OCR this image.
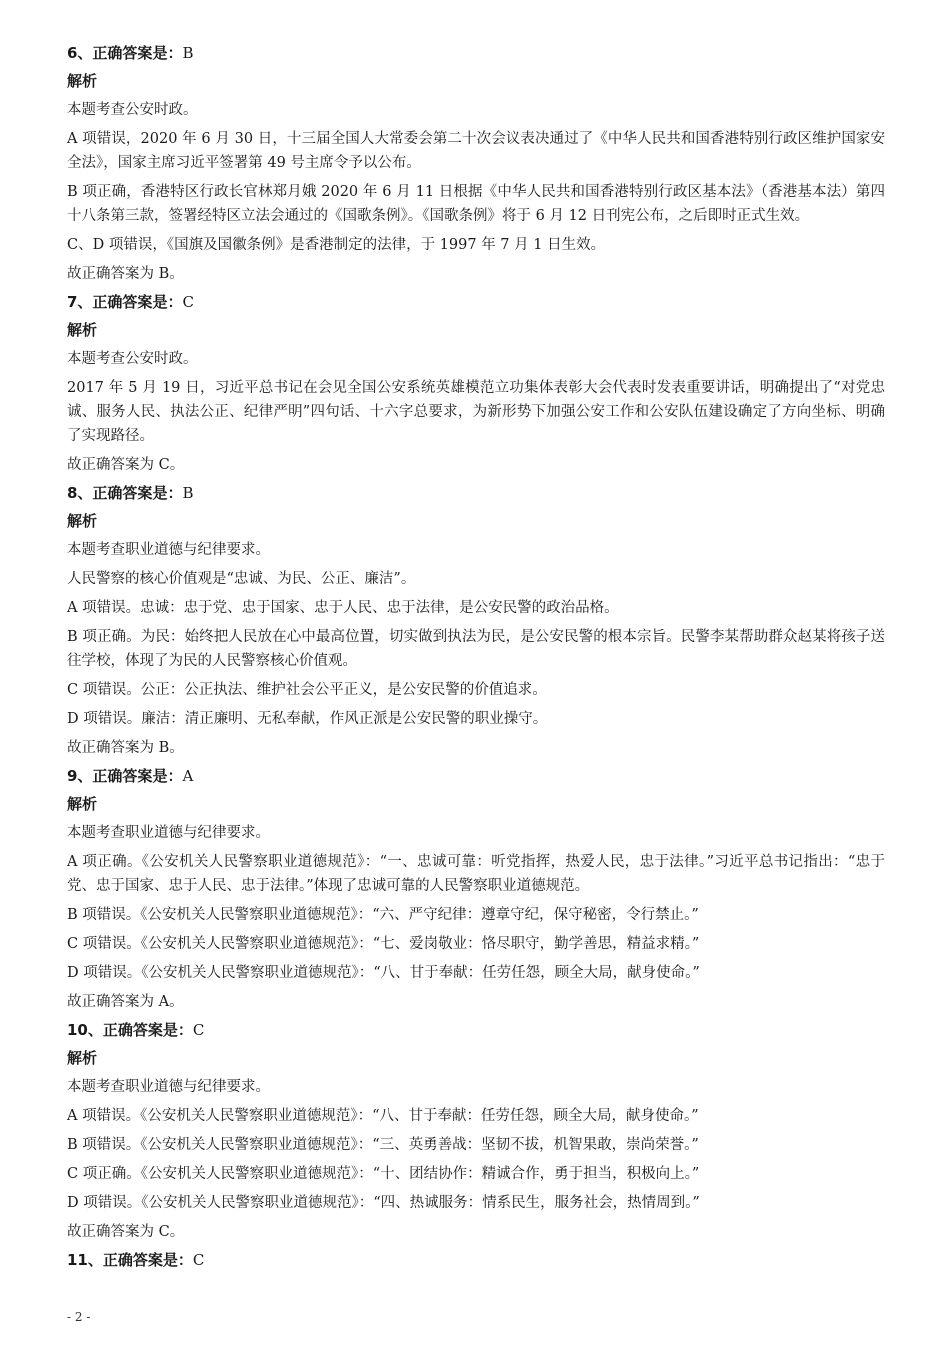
6、正确答案是：B
解析

本题考查公安时政。

A 项错误，2020 年 6 月 30 日，十三届全国人大常委会第二十次会议表决通过了《中华人民共和国香港特别行政区维护国家安全法》，国家主席习近平签署第 49 号主席令予以公布。

B 项正确，香港特区行政长官林郑月娥 2020 年 6 月 11 日根据《中华人民共和国香港特别行政区基本法》（香港基本法）第四十八条第三款，签署经特区立法会通过的《国歌条例》。《国歌条例》将于 6 月 12 日刊宪公布，之后即时正式生效。

C、D 项错误，《国旗及国徽条例》是香港制定的法律，于 1997 年 7 月 1 日生效。

故正确答案为 B。

7、正确答案是：C
解析

本题考查公安时政。

2017 年 5 月 19 日，习近平总书记在会见全国公安系统英雄模范立功集体表彰大会代表时发表重要讲话，明确提出了“对党忠诚、服务人民、执法公正、纪律严明”四句话、十六字总要求，为新形势下加强公安工作和公安队伍建设确定了方向坐标、明确了实现路径。

故正确答案为 C。

8、正确答案是：B
解析

本题考查职业道德与纪律要求。

人民警察的核心价值观是“忠诚、为民、公正、廉洁”。

A 项错误。忠诚：忠于党、忠于国家、忠于人民、忠于法律，是公安民警的政治品格。

B 项正确。为民：始终把人民放在心中最高位置，切实做到执法为民，是公安民警的根本宗旨。民警李某帮助群众赵某将孩子送往学校，体现了为民的人民警察核心价值观。

C 项错误。公正：公正执法、维护社会公平正义，是公安民警的价值追求。

D 项错误。廉洁：清正廉明、无私奉献，作风正派是公安民警的职业操守。

故正确答案为 B。

9、正确答案是：A
解析

本题考查职业道德与纪律要求。

A 项正确。《公安机关人民警察职业道德规范》：“一、忠诚可靠：听党指挥，热爱人民，忠于法律。”习近平总书记指出：“忠于党、忠于国家、忠于人民、忠于法律。”体现了忠诚可靠的人民警察职业道德规范。

B 项错误。《公安机关人民警察职业道德规范》：“六、严守纪律：遵章守纪，保守秘密，令行禁止。”

C 项错误。《公安机关人民警察职业道德规范》：“七、爱岗敬业：恪尽职守，勤学善思，精益求精。”

D 项错误。《公安机关人民警察职业道德规范》：“八、甘于奉献：任劳任怨，顾全大局，献身使命。”

故正确答案为 A。

10、正确答案是：C
解析

本题考查职业道德与纪律要求。

A 项错误。《公安机关人民警察职业道德规范》：“八、甘于奉献：任劳任怨，顾全大局，献身使命。”

B 项错误。《公安机关人民警察职业道德规范》：“三、英勇善战：坚韧不拔，机智果敢，崇尚荣誉。”

C 项正确。《公安机关人民警察职业道德规范》：“十、团结协作：精诚合作，勇于担当，积极向上。”

D 项错误。《公安机关人民警察职业道德规范》：“四、热诚服务：情系民生，服务社会，热情周到。”

故正确答案为 C。

11、正确答案是：C
- 2 -
